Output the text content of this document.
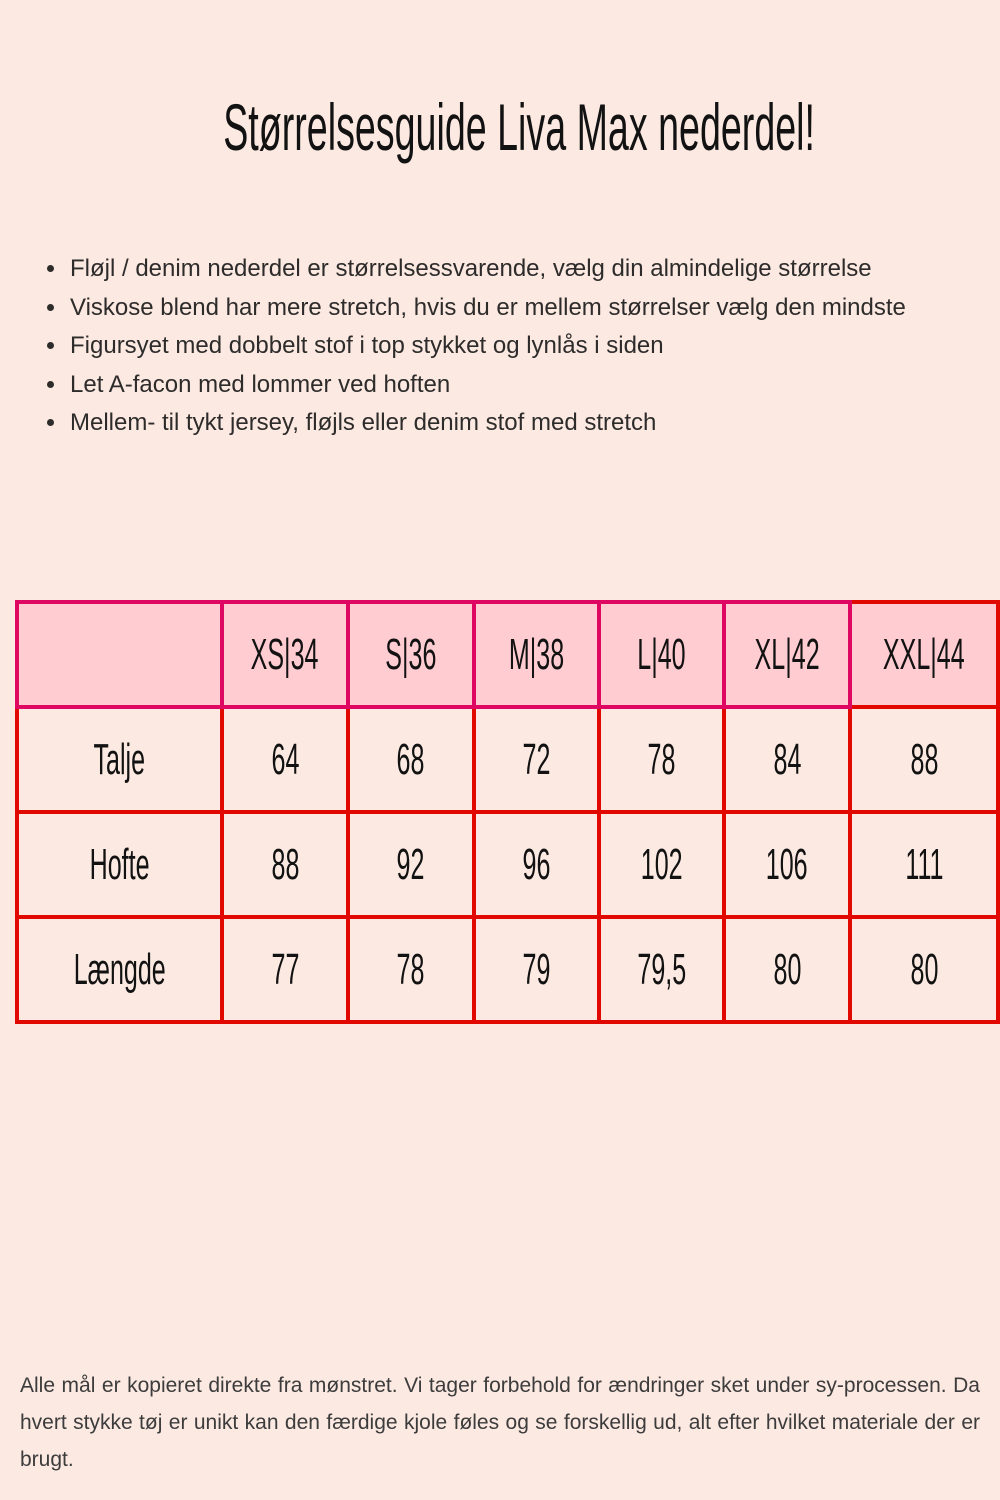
Størrelsesguide Liva Max nederdel!
• Fløjl / denim nederdel er størrelsessvarende, vælg din almindelige størrelse
• Viskose blend har mere stretch, hvis du er mellem størrelser vælg den mindste
• Figursyet med dobbelt stof i top stykket og lynlås i siden
• Let A-facon med lommer ved hoften
• Mellem- til tykt jersey, fløjls eller denim stof med stretch
	XS|34	S|36	M|38	L|40	XL|42	XXL|44
Talje	64	68	72	78	84	88
Hofte	88	92	96	102	106	111
Længde	77	78	79	79,5	80	80

Alle mål er kopieret direkte fra mønstret. Vi tager forbehold for ændringer sket under sy-processen. Da hvert stykke tøj er unikt kan den færdige kjole føles og se forskellig ud, alt efter hvilket materiale der er brugt.
